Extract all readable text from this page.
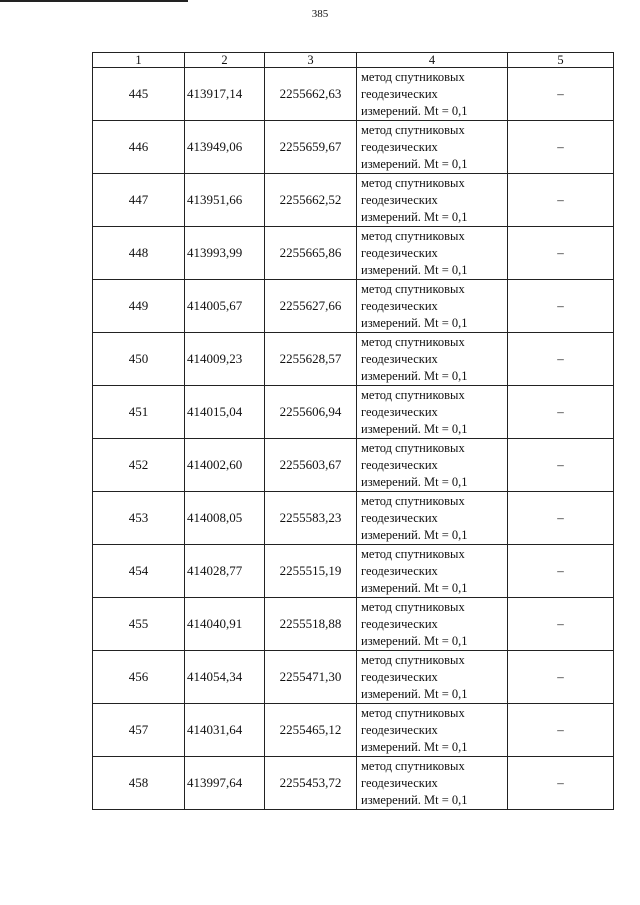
385
1	2	3	4	5
445	413917,14	2255662,63	метод спутниковых
геодезических
измерений. Mt = 0,1	–
446	413949,06	2255659,67	метод спутниковых
геодезических
измерений. Mt = 0,1	–
447	413951,66	2255662,52	метод спутниковых
геодезических
измерений. Mt = 0,1	–
448	413993,99	2255665,86	метод спутниковых
геодезических
измерений. Mt = 0,1	–
449	414005,67	2255627,66	метод спутниковых
геодезических
измерений. Mt = 0,1	–
450	414009,23	2255628,57	метод спутниковых
геодезических
измерений. Mt = 0,1	–
451	414015,04	2255606,94	метод спутниковых
геодезических
измерений. Mt = 0,1	–
452	414002,60	2255603,67	метод спутниковых
геодезических
измерений. Mt = 0,1	–
453	414008,05	2255583,23	метод спутниковых
геодезических
измерений. Mt = 0,1	–
454	414028,77	2255515,19	метод спутниковых
геодезических
измерений. Mt = 0,1	–
455	414040,91	2255518,88	метод спутниковых
геодезических
измерений. Mt = 0,1	–
456	414054,34	2255471,30	метод спутниковых
геодезических
измерений. Mt = 0,1	–
457	414031,64	2255465,12	метод спутниковых
геодезических
измерений. Mt = 0,1	–
458	413997,64	2255453,72	метод спутниковых
геодезических
измерений. Mt = 0,1	–
